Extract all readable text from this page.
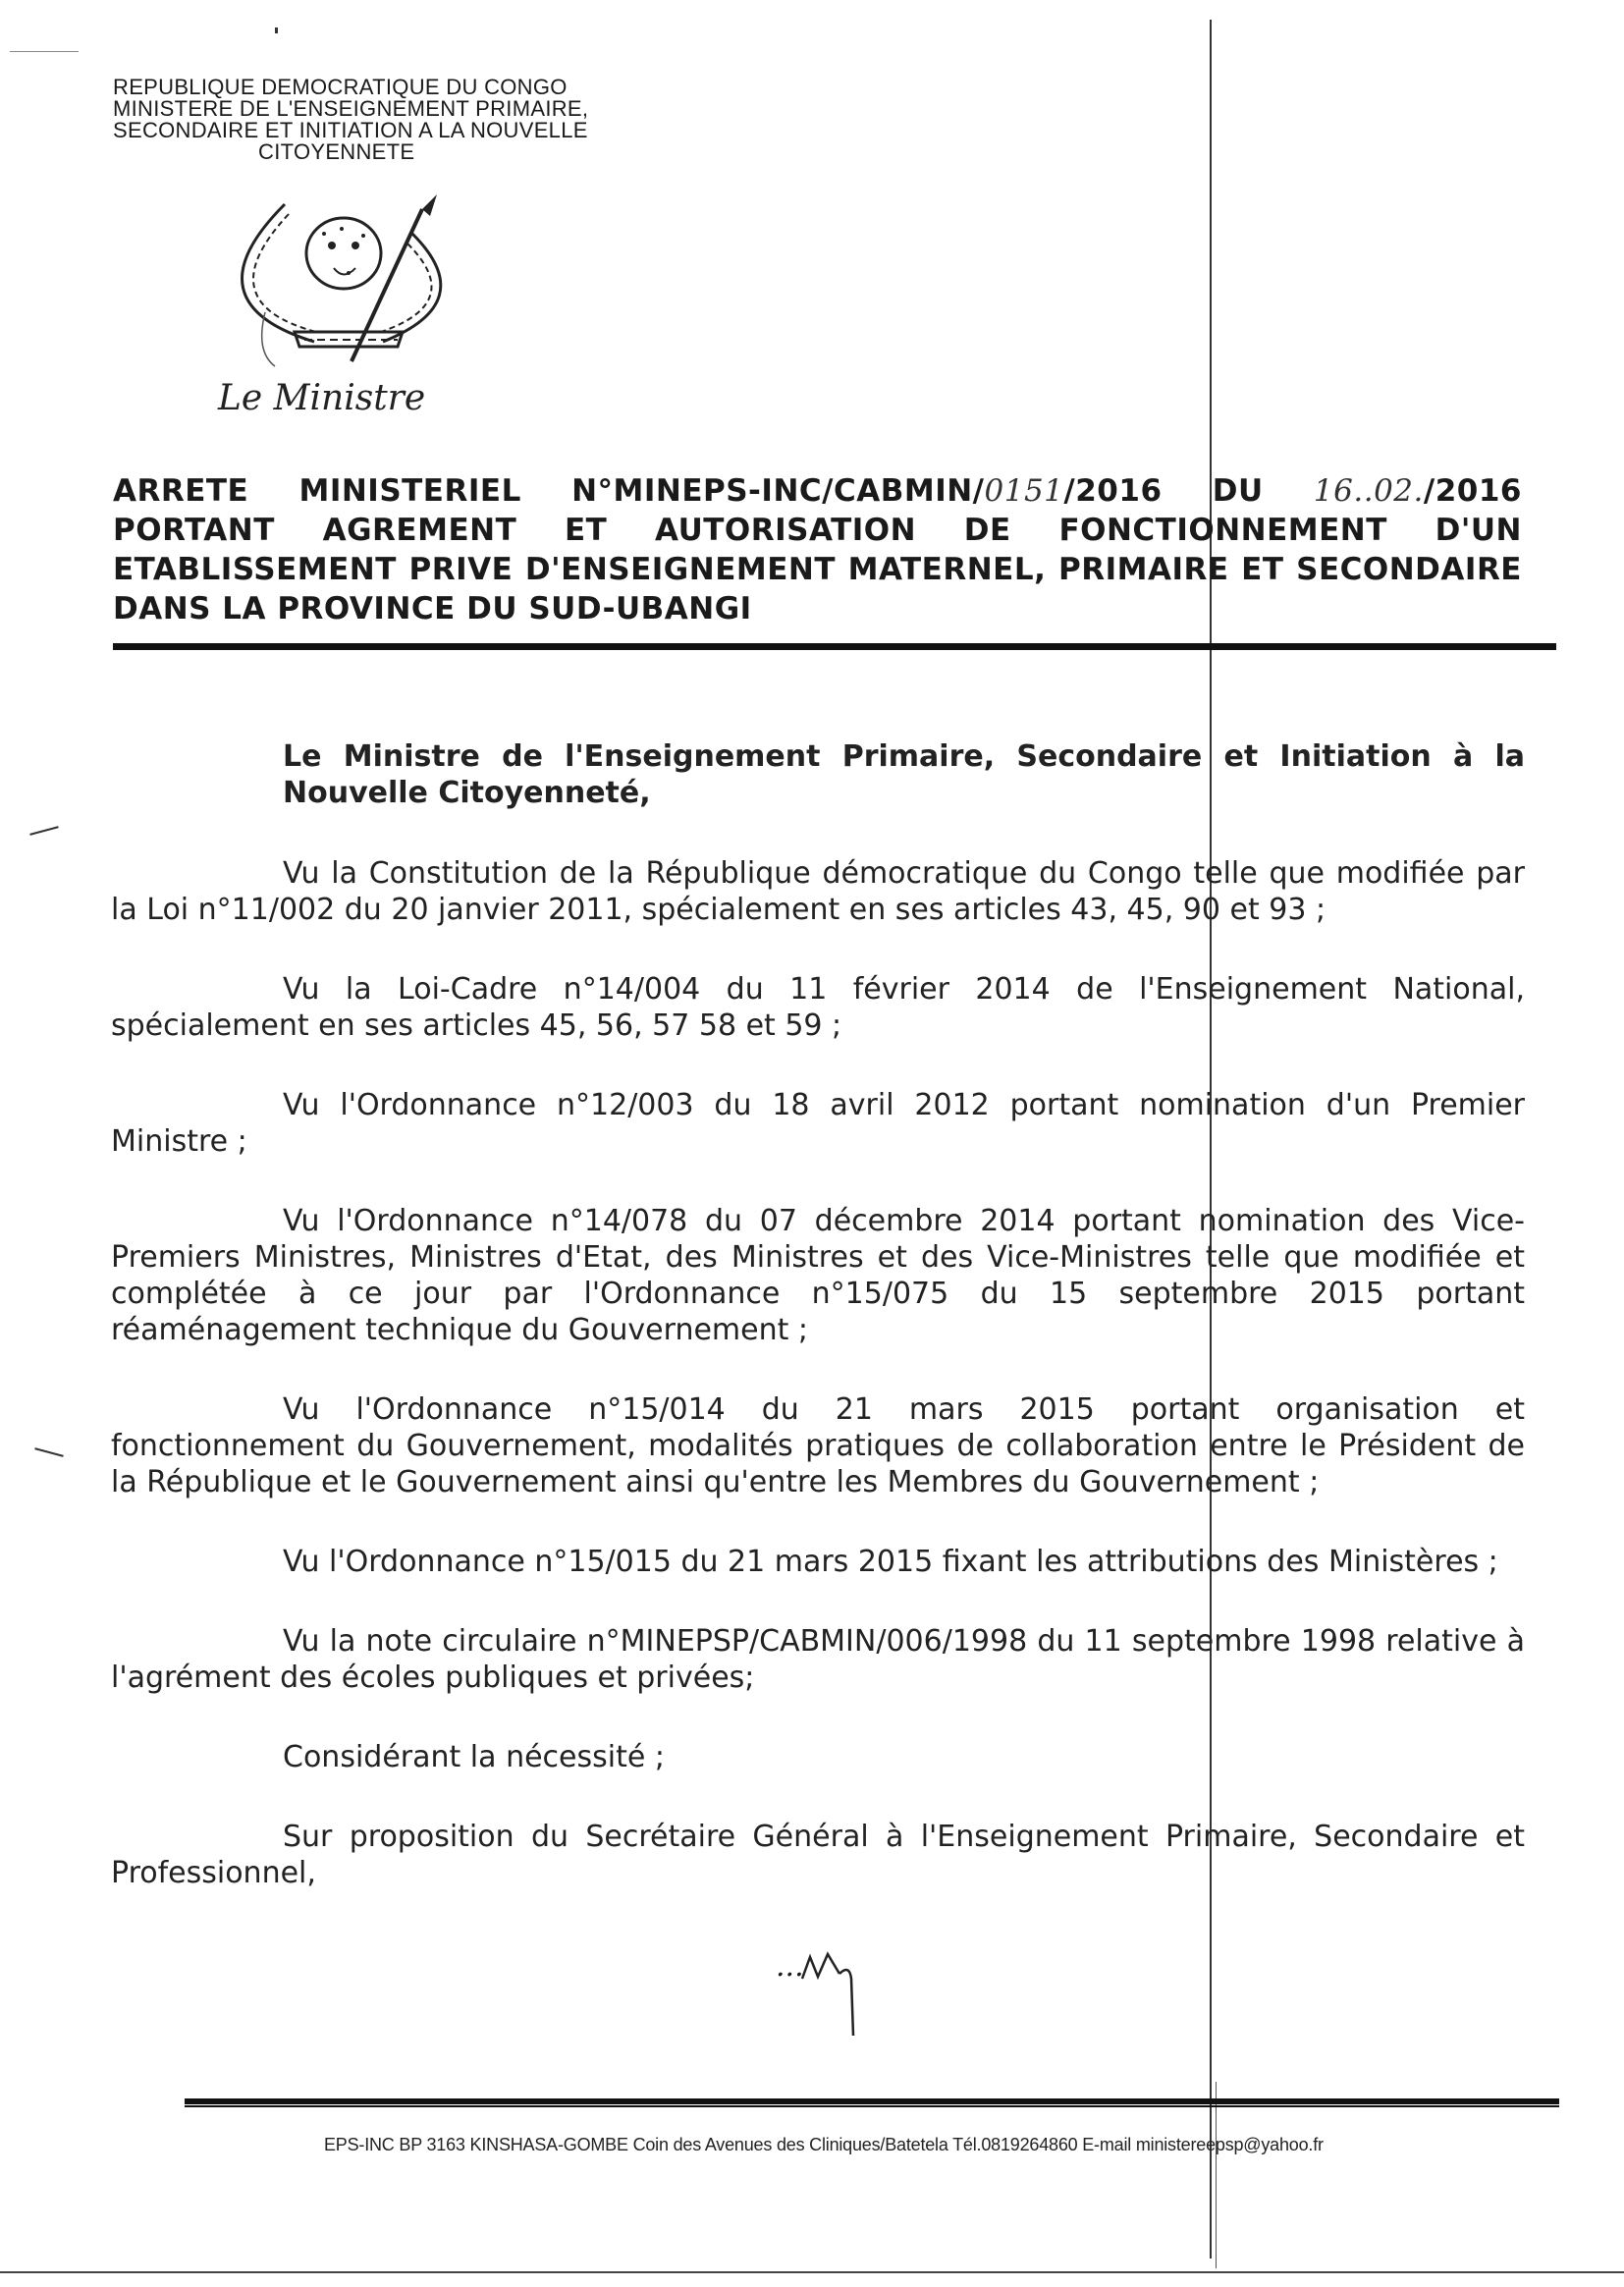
REPUBLIQUE DEMOCRATIQUE DU CONGO
MINISTERE DE L'ENSEIGNEMENT PRIMAIRE,
SECONDAIRE ET INITIATION A LA NOUVELLE
CITOYENNETE
Le Ministre
ARRETE MINISTERIEL N°MINEPS-INC/CABMIN/0151/2016 DU 16..02./2016 PORTANT AGREMENT ET AUTORISATION DE FONCTIONNEMENT D'UN ETABLISSEMENT PRIVE D'ENSEIGNEMENT MATERNEL, PRIMAIRE ET SECONDAIRE DANS LA PROVINCE DU SUD-UBANGI

Le Ministre de l'Enseignement Primaire, Secondaire et Initiation à la Nouvelle Citoyenneté,

Vu la Constitution de la République démocratique du Congo telle que modifiée par la Loi n°11/002 du 20 janvier 2011, spécialement en ses articles 43, 45, 90 et 93 ;

Vu la Loi-Cadre n°14/004 du 11 février 2014 de l'Enseignement National, spécialement en ses articles 45, 56, 57 58 et 59 ;

Vu l'Ordonnance n°12/003 du 18 avril 2012 portant nomination d'un Premier Ministre ;

Vu l'Ordonnance n°14/078 du 07 décembre 2014 portant nomination des Vice-Premiers Ministres, Ministres d'Etat, des Ministres et des Vice-Ministres telle que modifiée et complétée à ce jour par l'Ordonnance n°15/075 du 15 septembre 2015 portant réaménagement technique du Gouvernement ;

Vu l'Ordonnance n°15/014 du 21 mars 2015 portant organisation et fonctionnement du Gouvernement, modalités pratiques de collaboration entre le Président de la République et le Gouvernement ainsi qu'entre les Membres du Gouvernement ;

Vu l'Ordonnance n°15/015 du 21 mars 2015 fixant les attributions des Ministères ;

Vu la note circulaire n°MINEPSP/CABMIN/006/1998 du 11 septembre 1998 relative à l'agrément des écoles publiques et privées;

Considérant la nécessité ;

Sur proposition du Secrétaire Général à l'Enseignement Primaire, Secondaire et Professionnel,

...
EPS-INC BP 3163 KINSHASA-GOMBE Coin des Avenues des Cliniques/Batetela Tél.0819264860 E-mail ministereepsp@yahoo.fr
